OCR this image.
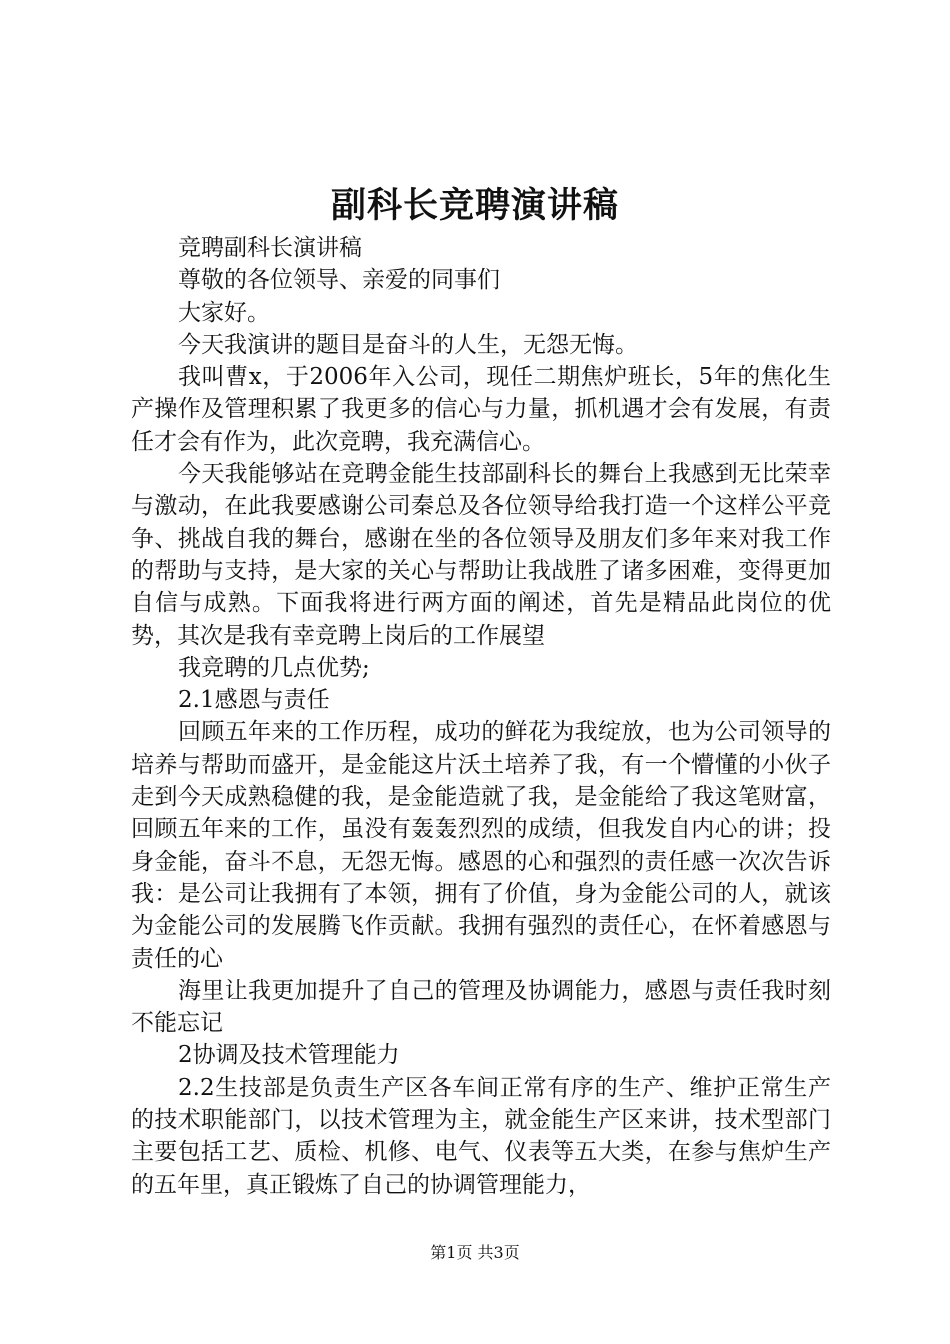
副科长竞聘演讲稿

竞聘副科长演讲稿

尊敬的各位领导、亲爱的同事们

大家好。

今天我演讲的题目是奋斗的人生，无怨无悔。

我叫曹x，于2006年入公司，现任二期焦炉班长，5年的焦化生产操作及管理积累了我更多的信心与力量，抓机遇才会有发展，有责任才会有作为，此次竞聘，我充满信心。

今天我能够站在竞聘金能生技部副科长的舞台上我感到无比荣幸与激动，在此我要感谢公司秦总及各位领导给我打造一个这样公平竞争、挑战自我的舞台，感谢在坐的各位领导及朋友们多年来对我工作的帮助与支持，是大家的关心与帮助让我战胜了诸多困难，变得更加自信与成熟。下面我将进行两方面的阐述，首先是精品此岗位的优势，其次是我有幸竞聘上岗后的工作展望

我竞聘的几点优势;

2.1感恩与责任

回顾五年来的工作历程，成功的鲜花为我绽放，也为公司领导的培养与帮助而盛开，是金能这片沃土培养了我，有一个懵懂的小伙子走到今天成熟稳健的我，是金能造就了我，是金能给了我这笔财富，回顾五年来的工作，虽没有轰轰烈烈的成绩，但我发自内心的讲；投身金能，奋斗不息，无怨无悔。感恩的心和强烈的责任感一次次告诉我：是公司让我拥有了本领，拥有了价值，身为金能公司的人，就该为金能公司的发展腾飞作贡献。我拥有强烈的责任心，在怀着感恩与责任的心

海里让我更加提升了自己的管理及协调能力，感恩与责任我时刻不能忘记

2协调及技术管理能力

2.2生技部是负责生产区各车间正常有序的生产、维护正常生产的技术职能部门，以技术管理为主，就金能生产区来讲，技术型部门主要包括工艺、质检、机修、电气、仪表等五大类，在参与焦炉生产的五年里，真正锻炼了自己的协调管理能力，

第1页 共3页
